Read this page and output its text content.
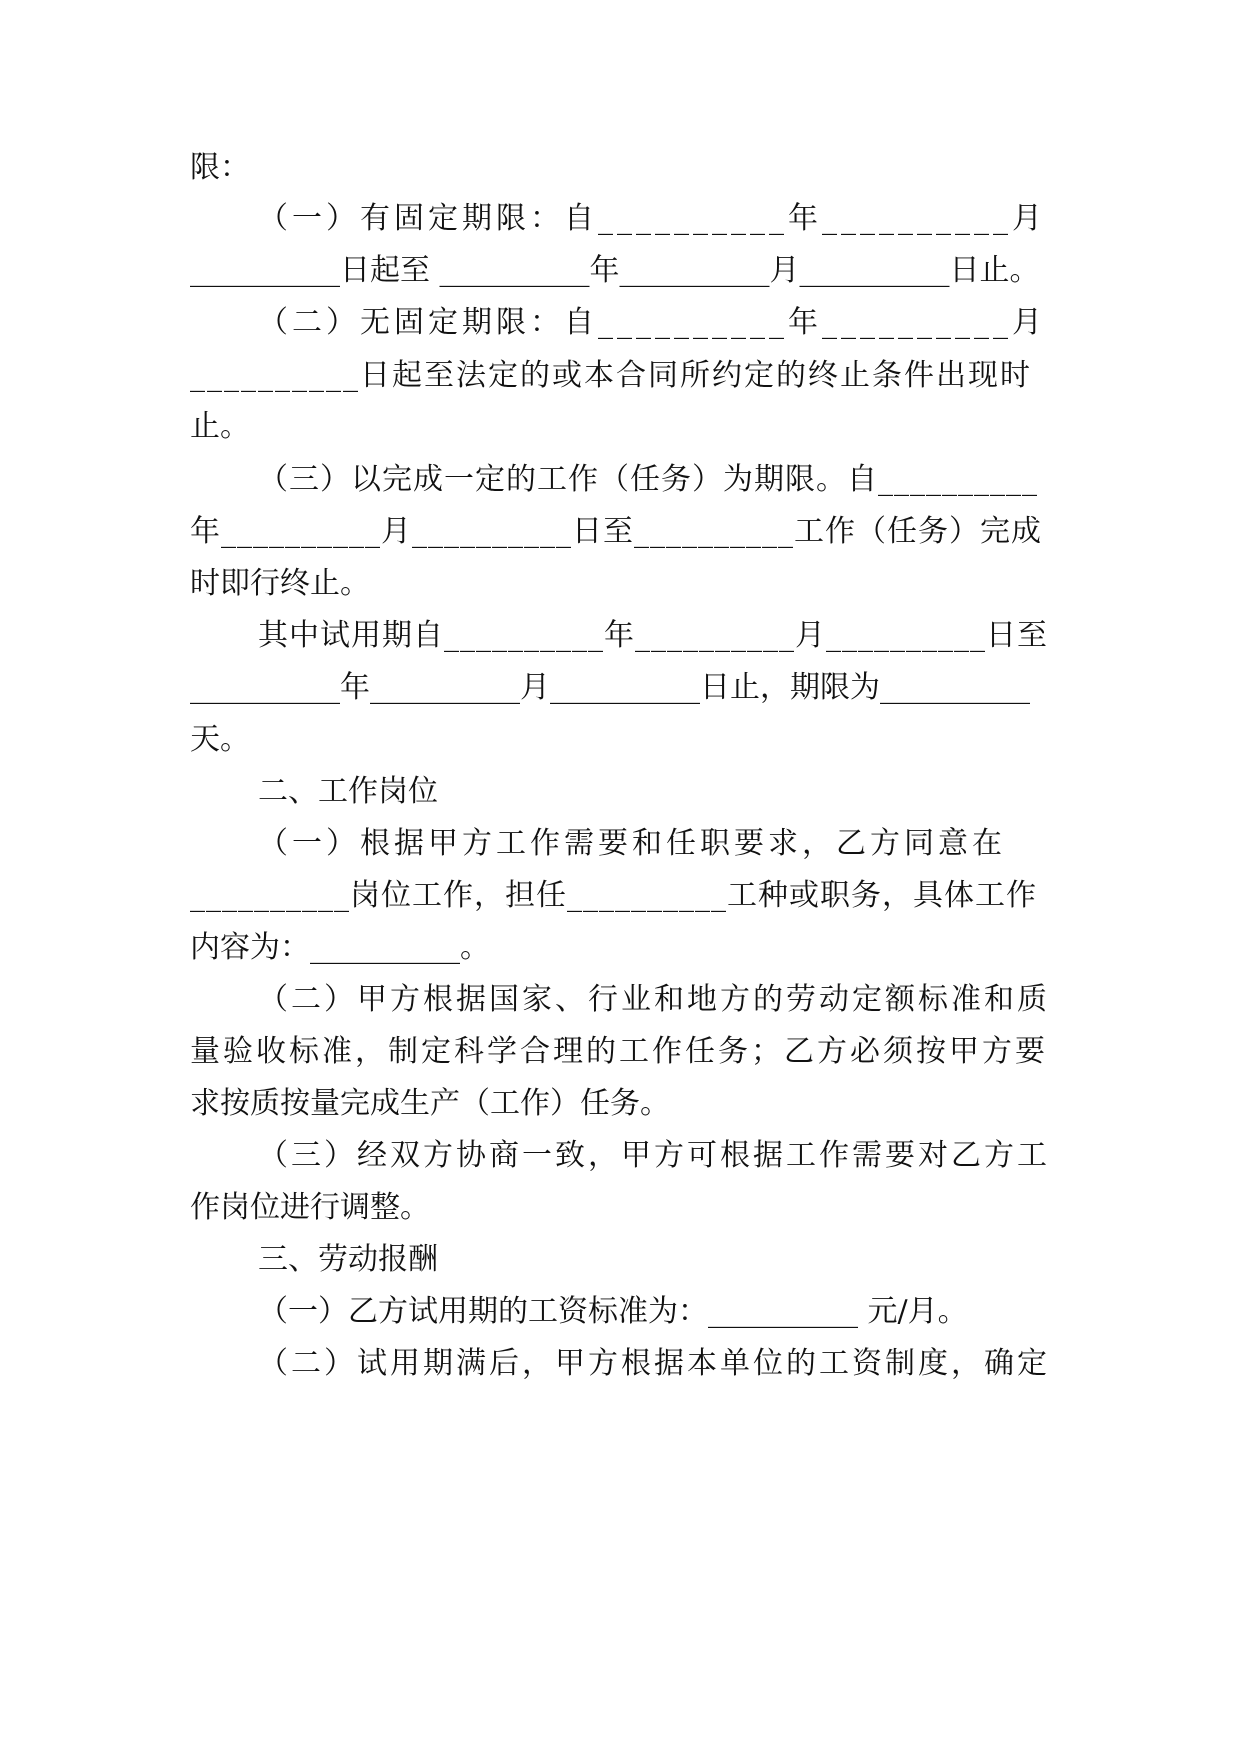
限：
（一）有固定期限：自__________年__________月
__________日起至 __________年__________月__________日止。
（二）无固定期限：自__________年__________月
__________日起至法定的或本合同所约定的终止条件出现时
止。
（三）以完成一定的工作（任务）为期限。自__________
年__________月__________日至__________工作（任务）完成
时即行终止。
其中试用期自__________年__________月__________日至
__________年__________月__________日止，期限为__________
天。
二、工作岗位
（一）根据甲方工作需要和任职要求，乙方同意在
__________岗位工作，担任__________工种或职务，具体工作
内容为：__________。
（二）甲方根据国家、行业和地方的劳动定额标准和质
量验收标准，制定科学合理的工作任务；乙方必须按甲方要
求按质按量完成生产（工作）任务。
（三）经双方协商一致，甲方可根据工作需要对乙方工
作岗位进行调整。
三、劳动报酬
（一）乙方试用期的工资标准为：__________ 元/月。
（二）试用期满后，甲方根据本单位的工资制度，确定
